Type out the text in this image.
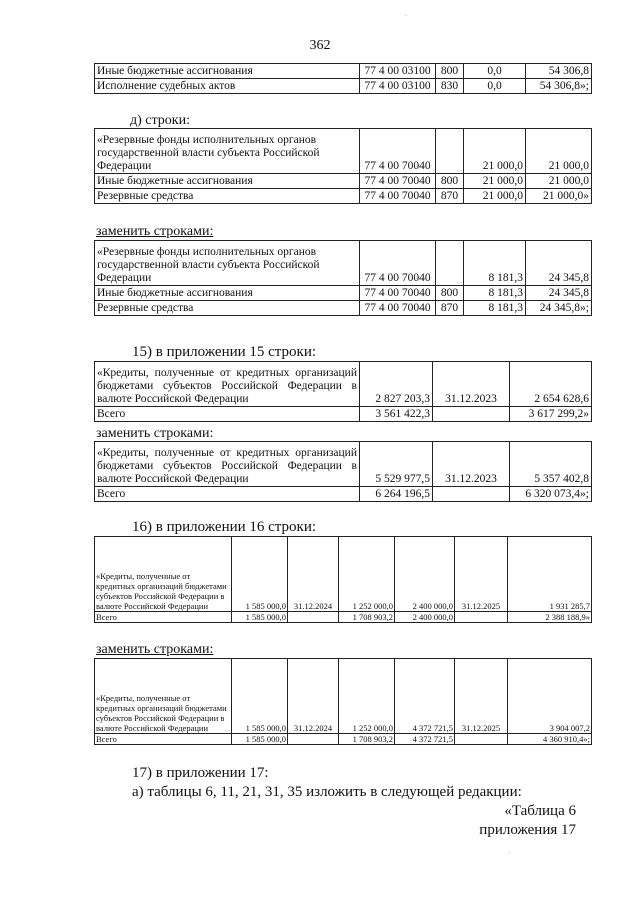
362
·
·
Иные бюджетные ассигнования	77 4 00 03100	800	0,0	54 306,8
Исполнение судебных актов	77 4 00 03100	830	0,0	54 306,8»;
д) строки:
«Резервные фонды исполнительных органов государственной власти субъекта Российской Федерации	77 4 00 70040		21 000,0	21 000,0
Иные бюджетные ассигнования	77 4 00 70040	800	21 000,0	21 000,0
Резервные средства	77 4 00 70040	870	21 000,0	21 000,0»
заменить строками:
«Резервные фонды исполнительных органов государственной власти субъекта Российской Федерации	77 4 00 70040		8 181,3	24 345,8
Иные бюджетные ассигнования	77 4 00 70040	800	8 181,3	24 345,8
Резервные средства	77 4 00 70040	870	8 181,3	24 345,8»;
15) в приложении 15 строки:
«Кредиты, полученные от кредитных организаций бюджетами субъектов Российской Федерации в валюте Российской Федерации	2 827 203,3	31.12.2023	2 654 628,6
Всего	3 561 422,3		3 617 299,2»
заменить строками:
«Кредиты, полученные от кредитных организаций бюджетами субъектов Российской Федерации в валюте Российской Федерации	5 529 977,5	31.12.2023	5 357 402,8
Всего	6 264 196,5		6 320 073,4»;
16) в приложении 16 строки:
«Кредиты, полученные от кредитных организаций бюджетами субъектов Российской Федерации в валюте Российской Федерации	1 585 000,0	31.12.2024	1 252 000,0	2 400 000,0	31.12.2025	1 931 285,7
Всего	1 585 000,0		1 708 903,2	2 400 000,0		2 388 188,9»
заменить строками:
«Кредиты, полученные от кредитных организаций бюджетами субъектов Российской Федерации в валюте Российской Федерации	1 585 000,0	31.12.2024	1 252 000,0	4 372 721,5	31.12.2025	3 904 007,2
Всего	1 585 000,0		1 708 903,2	4 372 721,5		4 360 910,4»;
17) в приложении 17:
а) таблицы 6, 11, 21, 31, 35 изложить в следующей редакции:
«Таблица 6
приложения 17
